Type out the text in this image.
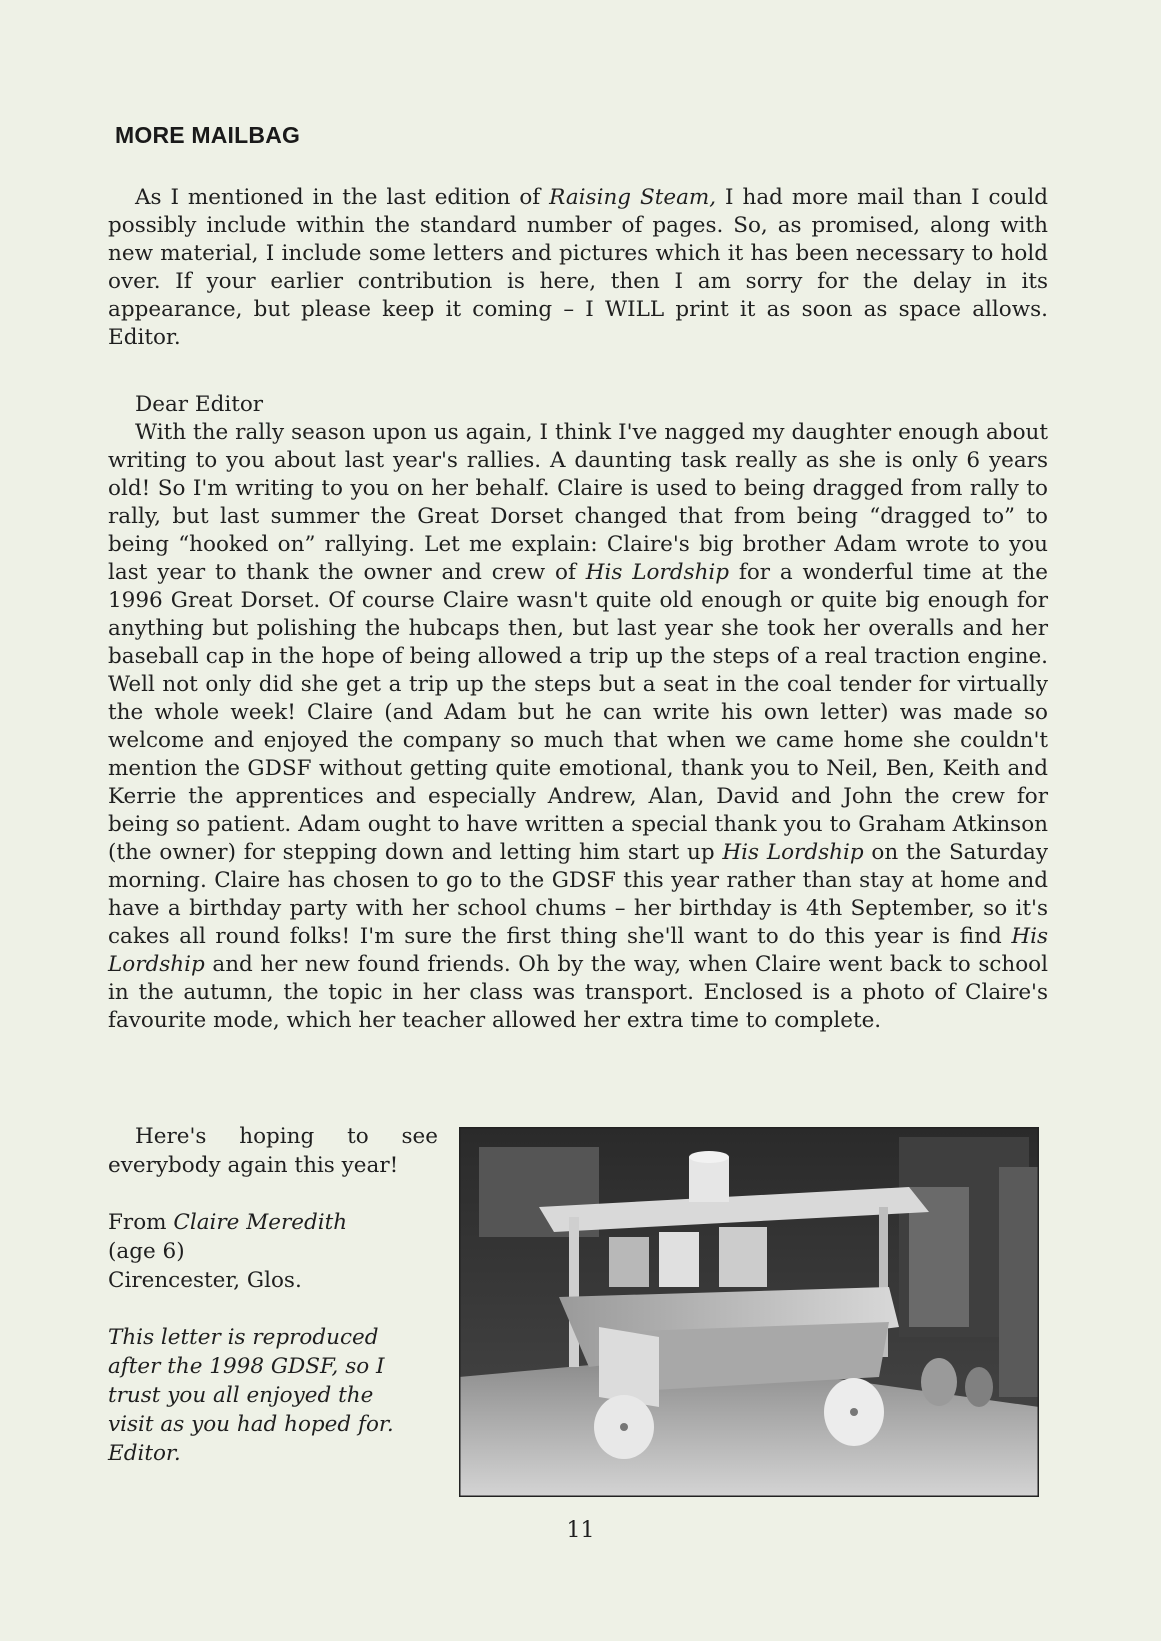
MORE MAILBAG

As I mentioned in the last edition of Raising Steam, I had more mail than I could possibly include within the standard number of pages. So, as promised, along with new material, I include some letters and pictures which it has been necessary to hold over. If your earlier contribution is here, then I am sorry for the delay in its appearance, but please keep it coming – I WILL print it as soon as space allows. Editor.

Dear Editor

With the rally season upon us again, I think I've nagged my daughter enough about writing to you about last year's rallies. A daunting task really as she is only 6 years old! So I'm writing to you on her behalf. Claire is used to being dragged from rally to rally, but last summer the Great Dorset changed that from being “dragged to” to being “hooked on” rallying. Let me explain: Claire's big brother Adam wrote to you last year to thank the owner and crew of His Lordship for a wonderful time at the 1996 Great Dorset. Of course Claire wasn't quite old enough or quite big enough for anything but polishing the hubcaps then, but last year she took her overalls and her baseball cap in the hope of being allowed a trip up the steps of a real traction engine. Well not only did she get a trip up the steps but a seat in the coal tender for virtually the whole week! Claire (and Adam but he can write his own letter) was made so welcome and enjoyed the company so much that when we came home she couldn't mention the GDSF without getting quite emotional, thank you to Neil, Ben, Keith and Kerrie the apprentices and especially Andrew, Alan, David and John the crew for being so patient. Adam ought to have written a special thank you to Graham Atkinson (the owner) for stepping down and letting him start up His Lordship on the Saturday morning. Claire has chosen to go to the GDSF this year rather than stay at home and have a birthday party with her school chums – her birthday is 4th September, so it's cakes all round folks! I'm sure the first thing she'll want to do this year is find His Lordship and her new found friends. Oh by the way, when Claire went back to school in the autumn, the topic in her class was transport. Enclosed is a photo of Claire's favourite mode, which her teacher allowed her extra time to complete.

Here's hoping to see

everybody again this year!

From Claire Meredith

(age 6)

Cirencester, Glos.

This letter is reproduced

after the 1998 GDSF, so I

trust you all enjoyed the

visit as you had hoped for.

Editor.

11
